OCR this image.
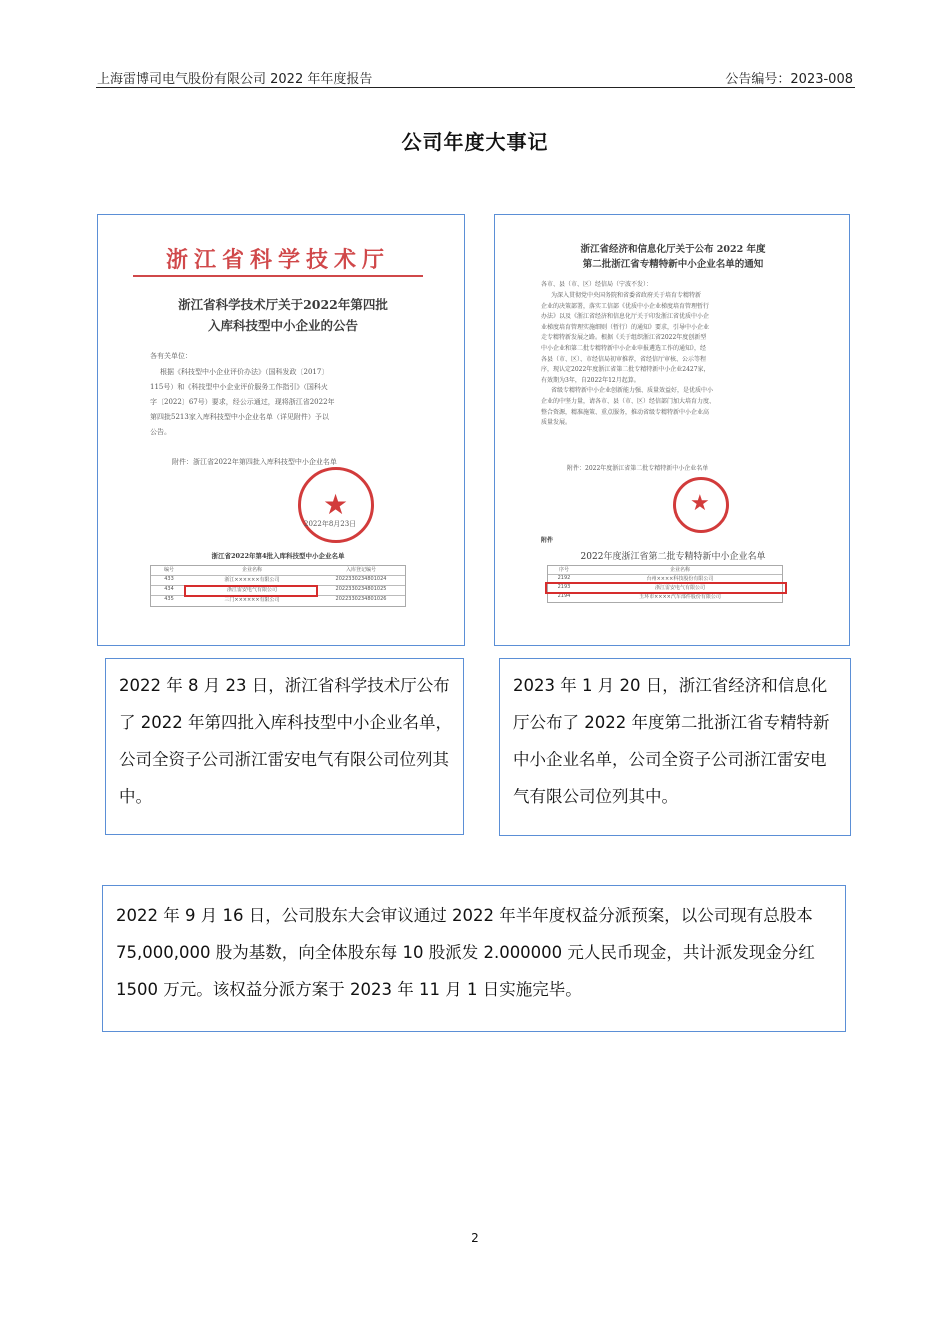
上海雷博司电气股份有限公司 2022 年年度报告	公告编号：2023-008
公司年度大事记
浙江省科学技术厅
浙江省科学技术厅关于2022年第四批
入库科技型中小企业的公告
各有关单位：
根据《科技型中小企业评价办法》（国科发政〔2017〕
115号）和《科技型中小企业评价服务工作指引》（国科火
字〔2022〕67号）要求，经公示通过，现将浙江省2022年
第四批5213家入库科技型中小企业名单（详见附件）予以
公告。
附件：浙江省2022年第四批入库科技型中小企业名单
★
2022年8月23日
浙江省2022年第4批入库科技型中小企业名单
编号	企业名称	入库登记编号
433	浙江××××××有限公司	2022330234801024
434	浙江雷安电气有限公司	2022330234801025
435	三门××××××有限公司	2022330234801026
浙江省经济和信息化厅关于公布 2022 年度
第二批浙江省专精特新中小企业名单的通知
各市、县（市、区）经信局（宁波不发）：
为深入贯彻党中央国务院和省委省政府关于培育专精特新
企业的决策部署，落实工信部《优质中小企业梯度培育管理暂行
办法》以及《浙江省经济和信息化厅关于印发浙江省优质中小企
业梯度培育管理实施细则（暂行）的通知》要求，引导中小企业
走专精特新发展之路。根据《关于组织浙江省2022年度创新型
中小企业和第二批专精特新中小企业申报遴选工作的通知》，经
各县（市、区）、市经信局初审推荐，省经信厅审核、公示等程
序，现认定2022年度浙江省第二批专精特新中小企业2427家，
有效期为3年，自2022年12月起算。
省级专精特新中小企业创新能力强、质量效益好，是优质中小
企业的中坚力量，请各市、县（市、区）经信部门加大培育力度、
整合资源，精准施策、重点服务，推动省级专精特新中小企业高
质量发展。
附件：2022年度浙江省第二批专精特新中小企业名单
★
附件
2022年度浙江省第二批专精特新中小企业名单
序号	企业名称
2192	台州××××科技股份有限公司
2193	浙江雷安电气有限公司
2194	玉环市××××汽车部件股份有限公司
2022 年 8 月 23 日，浙江省科学技术厅公布了 2022 年第四批入库科技型中小企业名单，公司全资子公司浙江雷安电气有限公司位列其中。
2023 年 1 月 20 日，浙江省经济和信息化厅公布了 2022 年度第二批浙江省专精特新中小企业名单，公司全资子公司浙江雷安电气有限公司位列其中。
2022 年 9 月 16 日，公司股东大会审议通过 2022 年半年度权益分派预案，以公司现有总股本 75,000,000 股为基数，向全体股东每 10 股派发 2.000000 元人民币现金，共计派发现金分红 1500 万元。该权益分派方案于 2023 年 11 月 1 日实施完毕。
2
